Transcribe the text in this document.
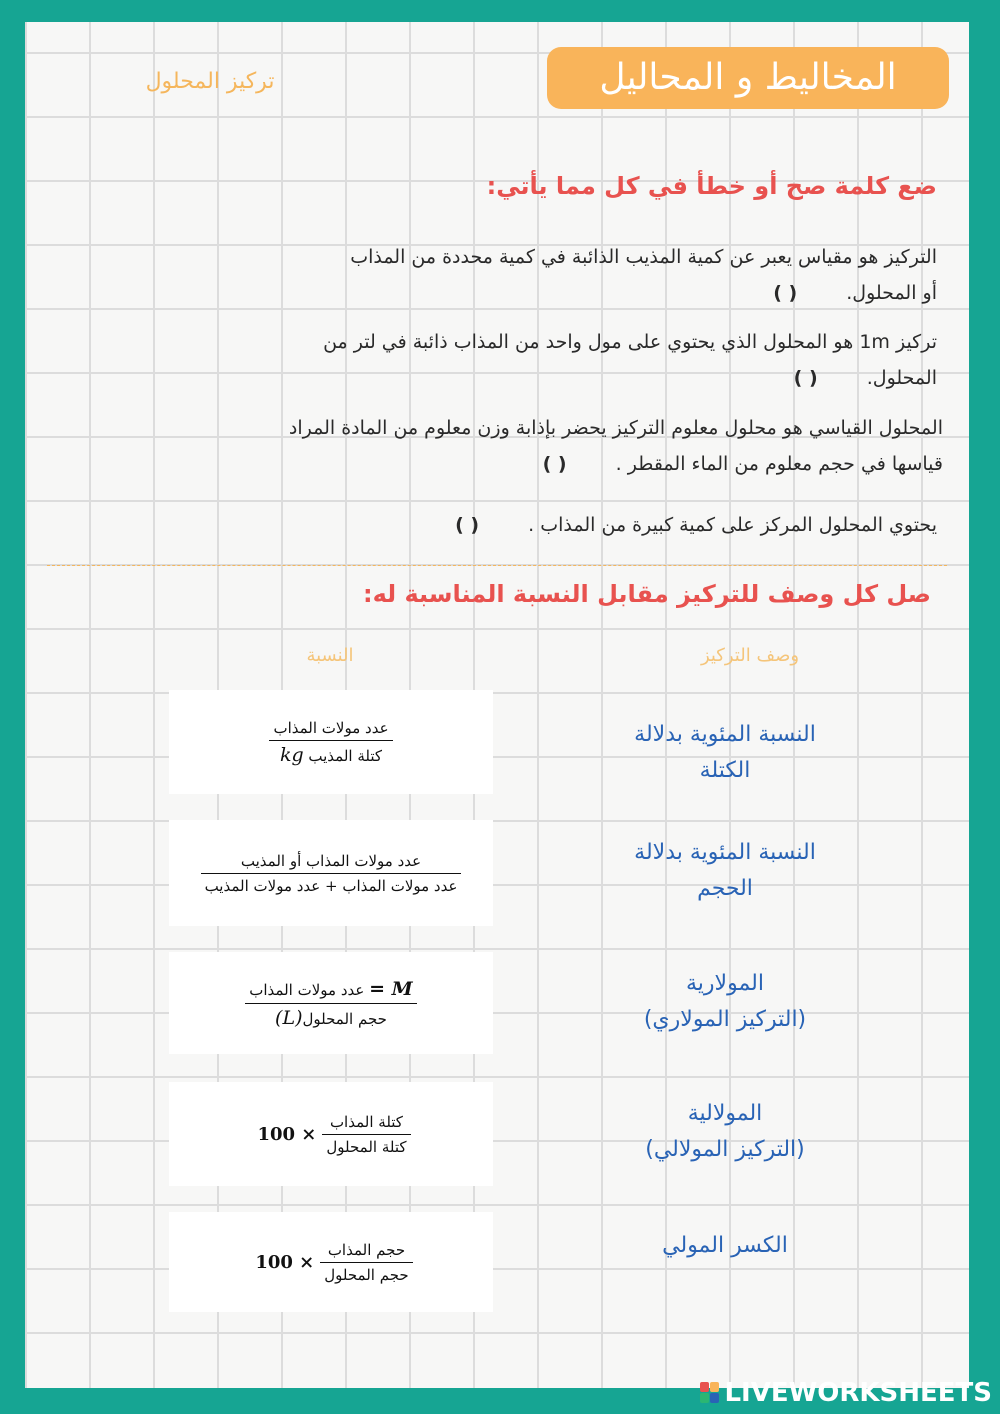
المخاليط و المحاليل
تركيز المحلول
ضع كلمة صح أو خطأ في كل مما يأتي:
التركيز هو مقياس يعبر عن كمية المذيب الذائبة في كمية محددة من المذاب
أو المحلول. ( )
تركيز 1m هو المحلول الذي يحتوي على مول واحد من المذاب ذائبة في لتر من
المحلول. ( )
المحلول القياسي هو محلول معلوم التركيز يحضر بإذابة وزن معلوم من المادة المراد
قياسها في حجم معلوم من الماء المقطر . ( )
يحتوي المحلول المركز على كمية كبيرة من المذاب . ( )
صل كل وصف للتركيز مقابل النسبة المناسبة له:
وصف التركيز
النسبة
النسبة المئوية بدلالة
الكتلة
النسبة المئوية بدلالة
الحجم
المولارية
(التركيز المولاري)
المولالية
(التركيز المولالي)
الكسر المولي
$\frac{\text{عدد مولات المذاب}}{\text{كتلة المذيب kg}}$
$\frac{\text{عدد مولات المذاب أو المذيب}}{\text{عدد مولات المذاب + عدد مولات المذيب}}$
$\frac{\text{M = عدد مولات المذاب}}{\text{حجم المحلول(L)}}$
$100 \times \frac{\text{كتلة المذاب}}{\text{كتلة المحلول}}$
$100 \times \frac{\text{حجم المذاب}}{\text{حجم المحلول}}$
LIVEWORKSHEETS
